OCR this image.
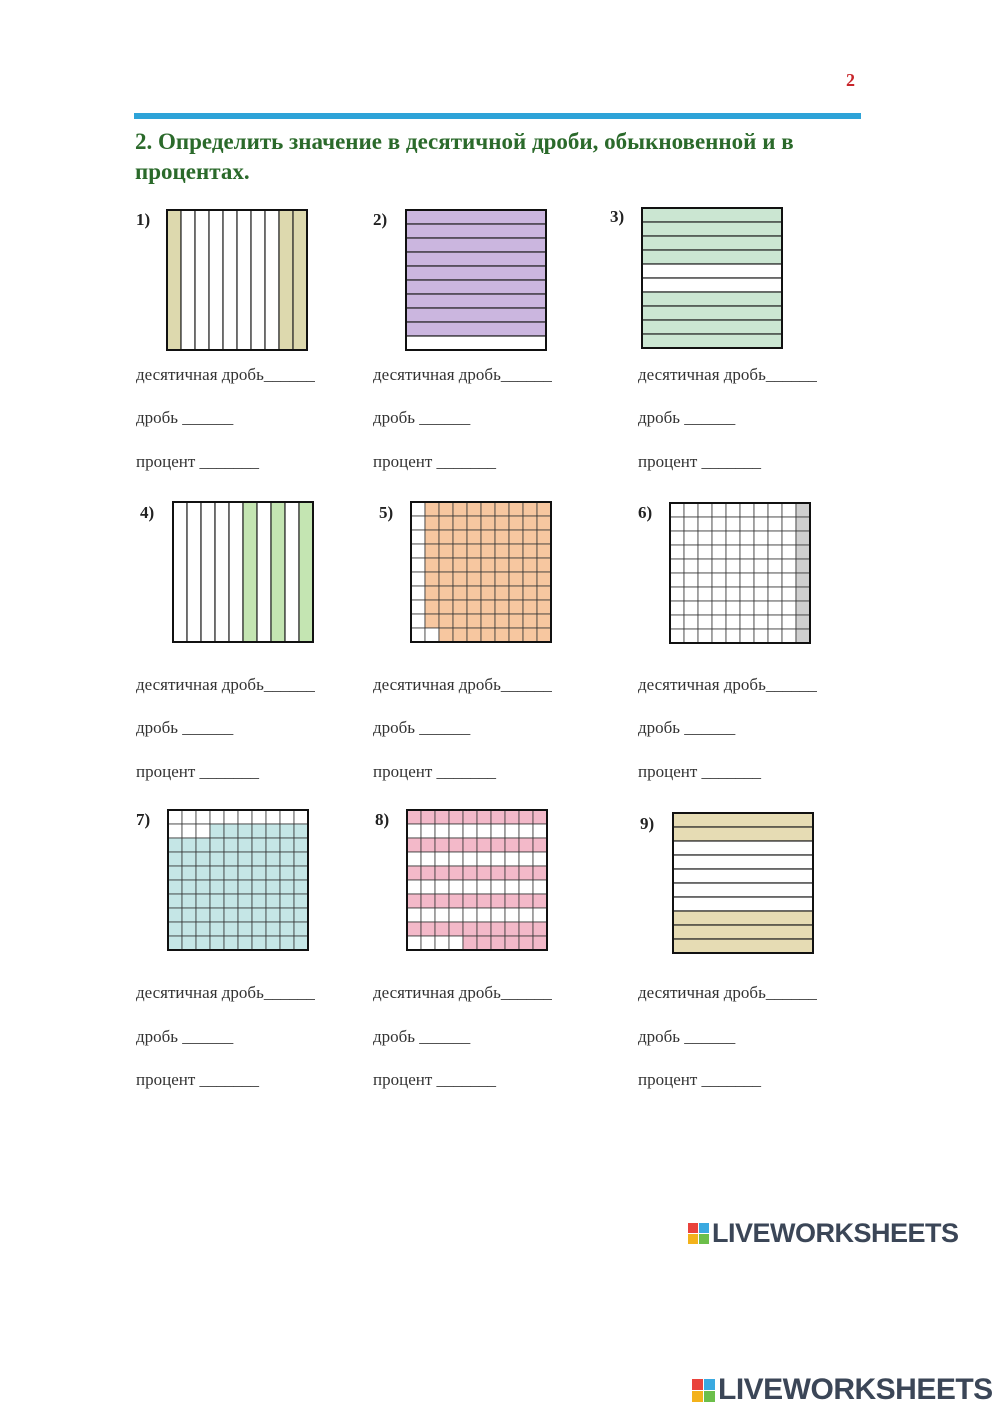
2
2. Определить значение в десятичной дроби, обыкновенной и в процентах.
1)	2)	3)
десятичная дробь______
дробь ______
процент _______
десятичная дробь______
дробь ______
процент _______
десятичная дробь______
дробь ______
процент _______
4)	5)	6)
десятичная дробь______
дробь ______
процент _______
десятичная дробь______
дробь ______
процент _______
десятичная дробь______
дробь ______
процент _______
7)	8)	9)
десятичная дробь______
дробь ______
процент _______
десятичная дробь______
дробь ______
процент _______
десятичная дробь______
дробь ______
процент _______
LIVEWORKSHEETS
LIVEWORKSHEETS
